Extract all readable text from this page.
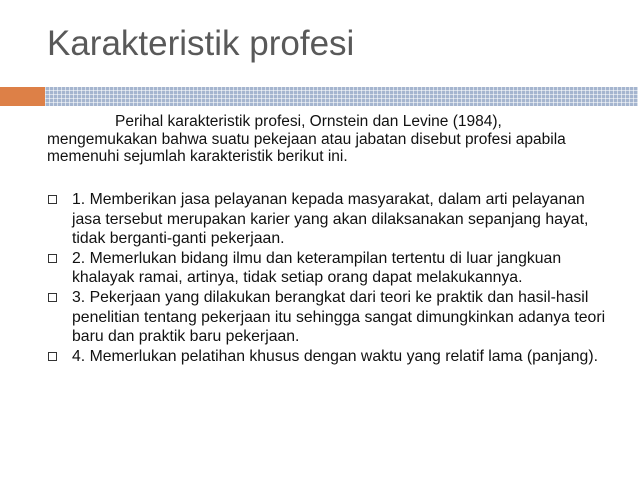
Karakteristik profesi

Perihal karakteristik profesi, Ornstein dan Levine (1984), mengemukakan bahwa suatu pekejaan atau jabatan disebut profesi apabila memenuhi sejumlah karakteristik berikut ini.

1. Memberikan jasa pelayanan kepada masyarakat, dalam arti pelayanan jasa tersebut merupakan karier yang akan dilaksanakan sepanjang hayat, tidak berganti-ganti pekerjaan.
2. Memerlukan bidang ilmu dan keterampilan tertentu di luar jangkuan khalayak ramai, artinya, tidak setiap orang dapat melakukannya.
3. Pekerjaan yang dilakukan berangkat dari teori ke praktik dan hasil-hasil penelitian tentang pekerjaan itu sehingga sangat dimungkinkan adanya teori baru dan praktik baru pekerjaan.
4. Memerlukan pelatihan khusus dengan waktu yang relatif lama (panjang).
